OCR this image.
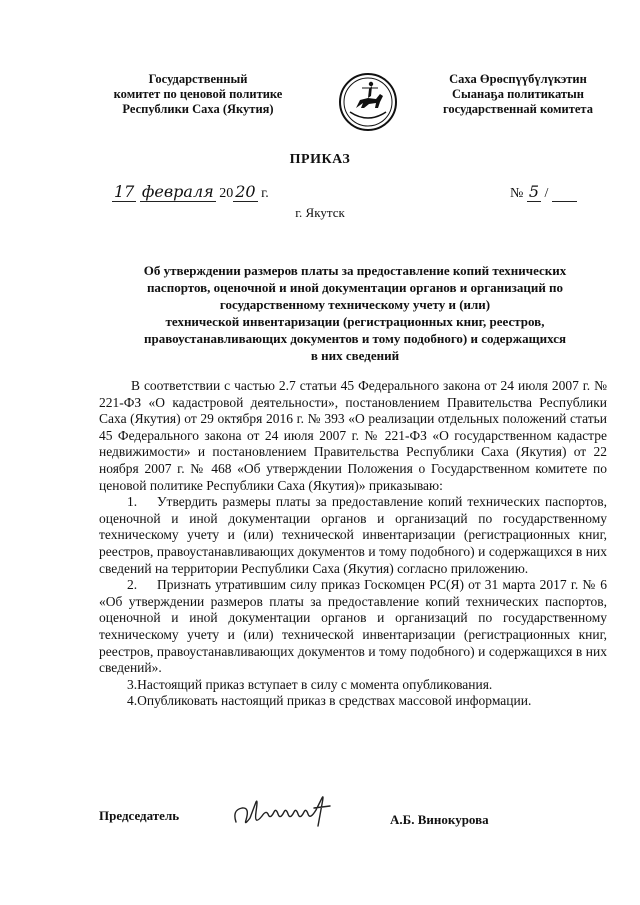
Государственный
комитет по ценовой политике
Республики Саха (Якутия)
Саха Өрөспүүбүлүкэтин
Сыанаҕа политикатын
государственнай комитета
ПРИКАЗ
17 февраля 20 20 г.	№ 5 /
г. Якутск
Об утверждении размеров платы за предоставление копий технических
паспортов, оценочной и иной документации органов и организаций по
государственному техническому учету и (или)
технической инвентаризации (регистрационных книг, реестров,
правоустанавливающих документов и тому подобного) и содержащихся
в них сведений

В соответствии с частью 2.7 статьи 45 Федерального закона от 24 июля 2007 г. № 221-ФЗ «О кадастровой деятельности», постановлением Правительства Республики Саха (Якутия) от 29 октября 2016 г. № 393 «О реализации отдельных положений статьи 45 Федерального закона от 24 июля 2007 г. № 221-ФЗ «О государственном кадастре недвижимости» и постановлением Правительства Республики Саха (Якутия) от 22 ноября 2007 г. № 468 «Об утверждении Положения о Государственном комитете по ценовой политике Республики Саха (Якутия)» приказываю:

1. Утвердить размеры платы за предоставление копий технических паспортов, оценочной и иной документации органов и организаций по государственному техническому учету и (или) технической инвентаризации (регистрационных книг, реестров, правоустанавливающих документов и тому подобного) и содержащихся в них сведений на территории Республики Саха (Якутия) согласно приложению.

2. Признать утратившим силу приказ Госкомцен РС(Я) от 31 марта 2017 г. № 6 «Об утверждении размеров платы за предоставление копий технических паспортов, оценочной и иной документации органов и организаций по государственному техническому учету и (или) технической инвентаризации (регистрационных книг, реестров, правоустанавливающих документов и тому подобного) и содержащихся в них сведений».

3.Настоящий приказ вступает в силу с момента опубликования.

4.Опубликовать настоящий приказ в средствах массовой информации.

Председатель	А.Б. Винокурова
